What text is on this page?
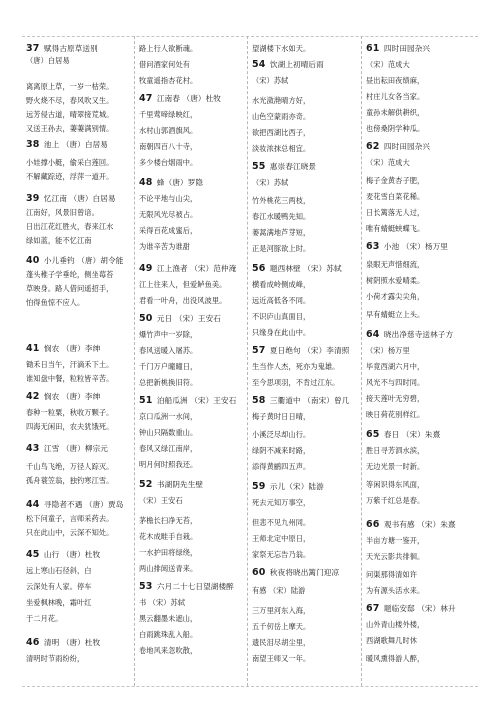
37 赋得古原草送别
（唐）白居易
离离原上草，一岁一枯荣。
野火烧不尽，春风吹又生。
远芳侵古道，晴翠接荒城。
又送王孙去，萋萋满别情。
38 池上 （唐）白居易
小娃撑小艇，偷采白莲回。
不解藏踪迹，浮萍一道开。
39 忆江南 （唐）白居易
江南好，风景旧曾谙。
日出江花红胜火，春来江水
绿如蓝，能不忆江南
40 小儿垂钓 （唐）胡令能
蓬头稚子学垂纶，侧坐莓苔
草映身。路人借问遥招手，
怕得鱼惊不应人。
41 悯农 （唐）李绅
锄禾日当午，汗滴禾下土。
谁知盘中餐，粒粒皆辛苦。
42 悯农 （唐）李绅
春种一粒粟，秋收万颗子。
四海无闲田，农夫犹饿死。
43 江雪 （唐）柳宗元
千山鸟飞绝，万径人踪灭。
孤舟蓑笠翁，独钓寒江雪。
44 寻隐者不遇 （唐）贾岛
松下问童子，言师采药去。
只在此山中，云深不知处。
45 山行 （唐）杜牧
远上寒山石径斜，白
云深处有人家。停车
坐爱枫林晚，霜叶红
于二月花。
46 清明 （唐）杜牧
清明时节雨纷纷，
路上行人欲断魂。
借问酒家何处有
牧童遥指杏花村。
47 江南春 （唐）杜牧
千里莺啼绿映红，
水村山郭酒旗风。
南朝四百八十寺，
多少楼台烟雨中。
48 蜂（唐）罗隐
不论平地与山尖，
无限风光尽被占。
采得百花成蜜后，
为谁辛苦为谁甜
49 江上渔者 （宋）范仲淹
江上往来人，但爱鲈鱼美。
君看一叶舟，出没风波里。
50 元日 （宋）王安石
爆竹声中一岁除，
春风送暖入屠苏。
千门万户曈曈日，
总把新桃换旧符。
51 泊船瓜洲 （宋）王安石
京口瓜洲一水间，
钟山只隔数重山。
春风又绿江南岸，
明月何时照我还。
52 书湖阴先生壁
（宋）王安石
茅檐长扫净无苔，
花木成畦手自栽。
一水护田将绿绕，
两山排闼送青来。
53 六月二十七日望湖楼醉
书 （宋）苏轼
黑云翻墨未遮山，
白雨跳珠乱入船。
卷地风来忽吹散，
望湖楼下水如天。
54 饮湖上初晴后雨
（宋）苏轼
水光潋滟晴方好，
山色空蒙雨亦奇。
欲把西湖比西子，
淡妆浓抹总相宜。
55 惠崇春江晓景
（宋）苏轼
竹外桃花三两枝，
春江水暖鸭先知。
蒌蒿满地芦芽短，
正是河豚欲上时。
56 题西林壁 （宋）苏轼
横看成岭侧成峰，
远近高低各不同。
不识庐山真面目，
只缘身在此山中。
57 夏日绝句 （宋）李清照
生当作人杰，死亦为鬼雄。
至今思项羽，不肯过江东。
58 三衢道中 （南宋）曾几
梅子黄时日日晴，
小溪泛尽却山行。
绿阴不减来时路，
添得黄鹂四五声。
59 示儿（宋）陆游
死去元知万事空，
但悲不见九州同。
王师北定中原日，
家祭无忘告乃翁。
60 秋夜将晓出篱门迎凉
有感 （宋）陆游
三万里河东入海，
五千仞岳上摩天。
遗民泪尽胡尘里，
南望王师又一年。
61 四时田园杂兴
（宋）范成大
昼出耘田夜绩麻，
村庄儿女各当家。
童孙未解供耕织，
也傍桑阴学种瓜。
62 四时田园杂兴
（宋）范成大
梅子金黄杏子肥，
麦花雪白菜花稀。
日长篱落无人过，
唯有蜻蜓蛱蝶飞。
63 小池 （宋）杨万里
泉眼无声惜细流，
树阴照水爱晴柔。
小荷才露尖尖角，
早有蜻蜓立上头。
64 晓出净慈寺送林子方
（宋）杨万里
毕竟西湖六月中，
风光不与四时同。
接天莲叶无穷碧，
映日荷花别样红。
65 春日 （宋）朱熹
胜日寻芳泗水滨，
无边光景一时新。
等闲识得东风面，
万紫千红总是春。
66 观书有感 （宋）朱熹
半亩方塘一鉴开，
天光云影共徘徊。
问渠那得清如许
为有源头活水来。
67 题临安邸 （宋）林升
山外青山楼外楼，
西湖歌舞几时休
暖风熏得游人醉，
